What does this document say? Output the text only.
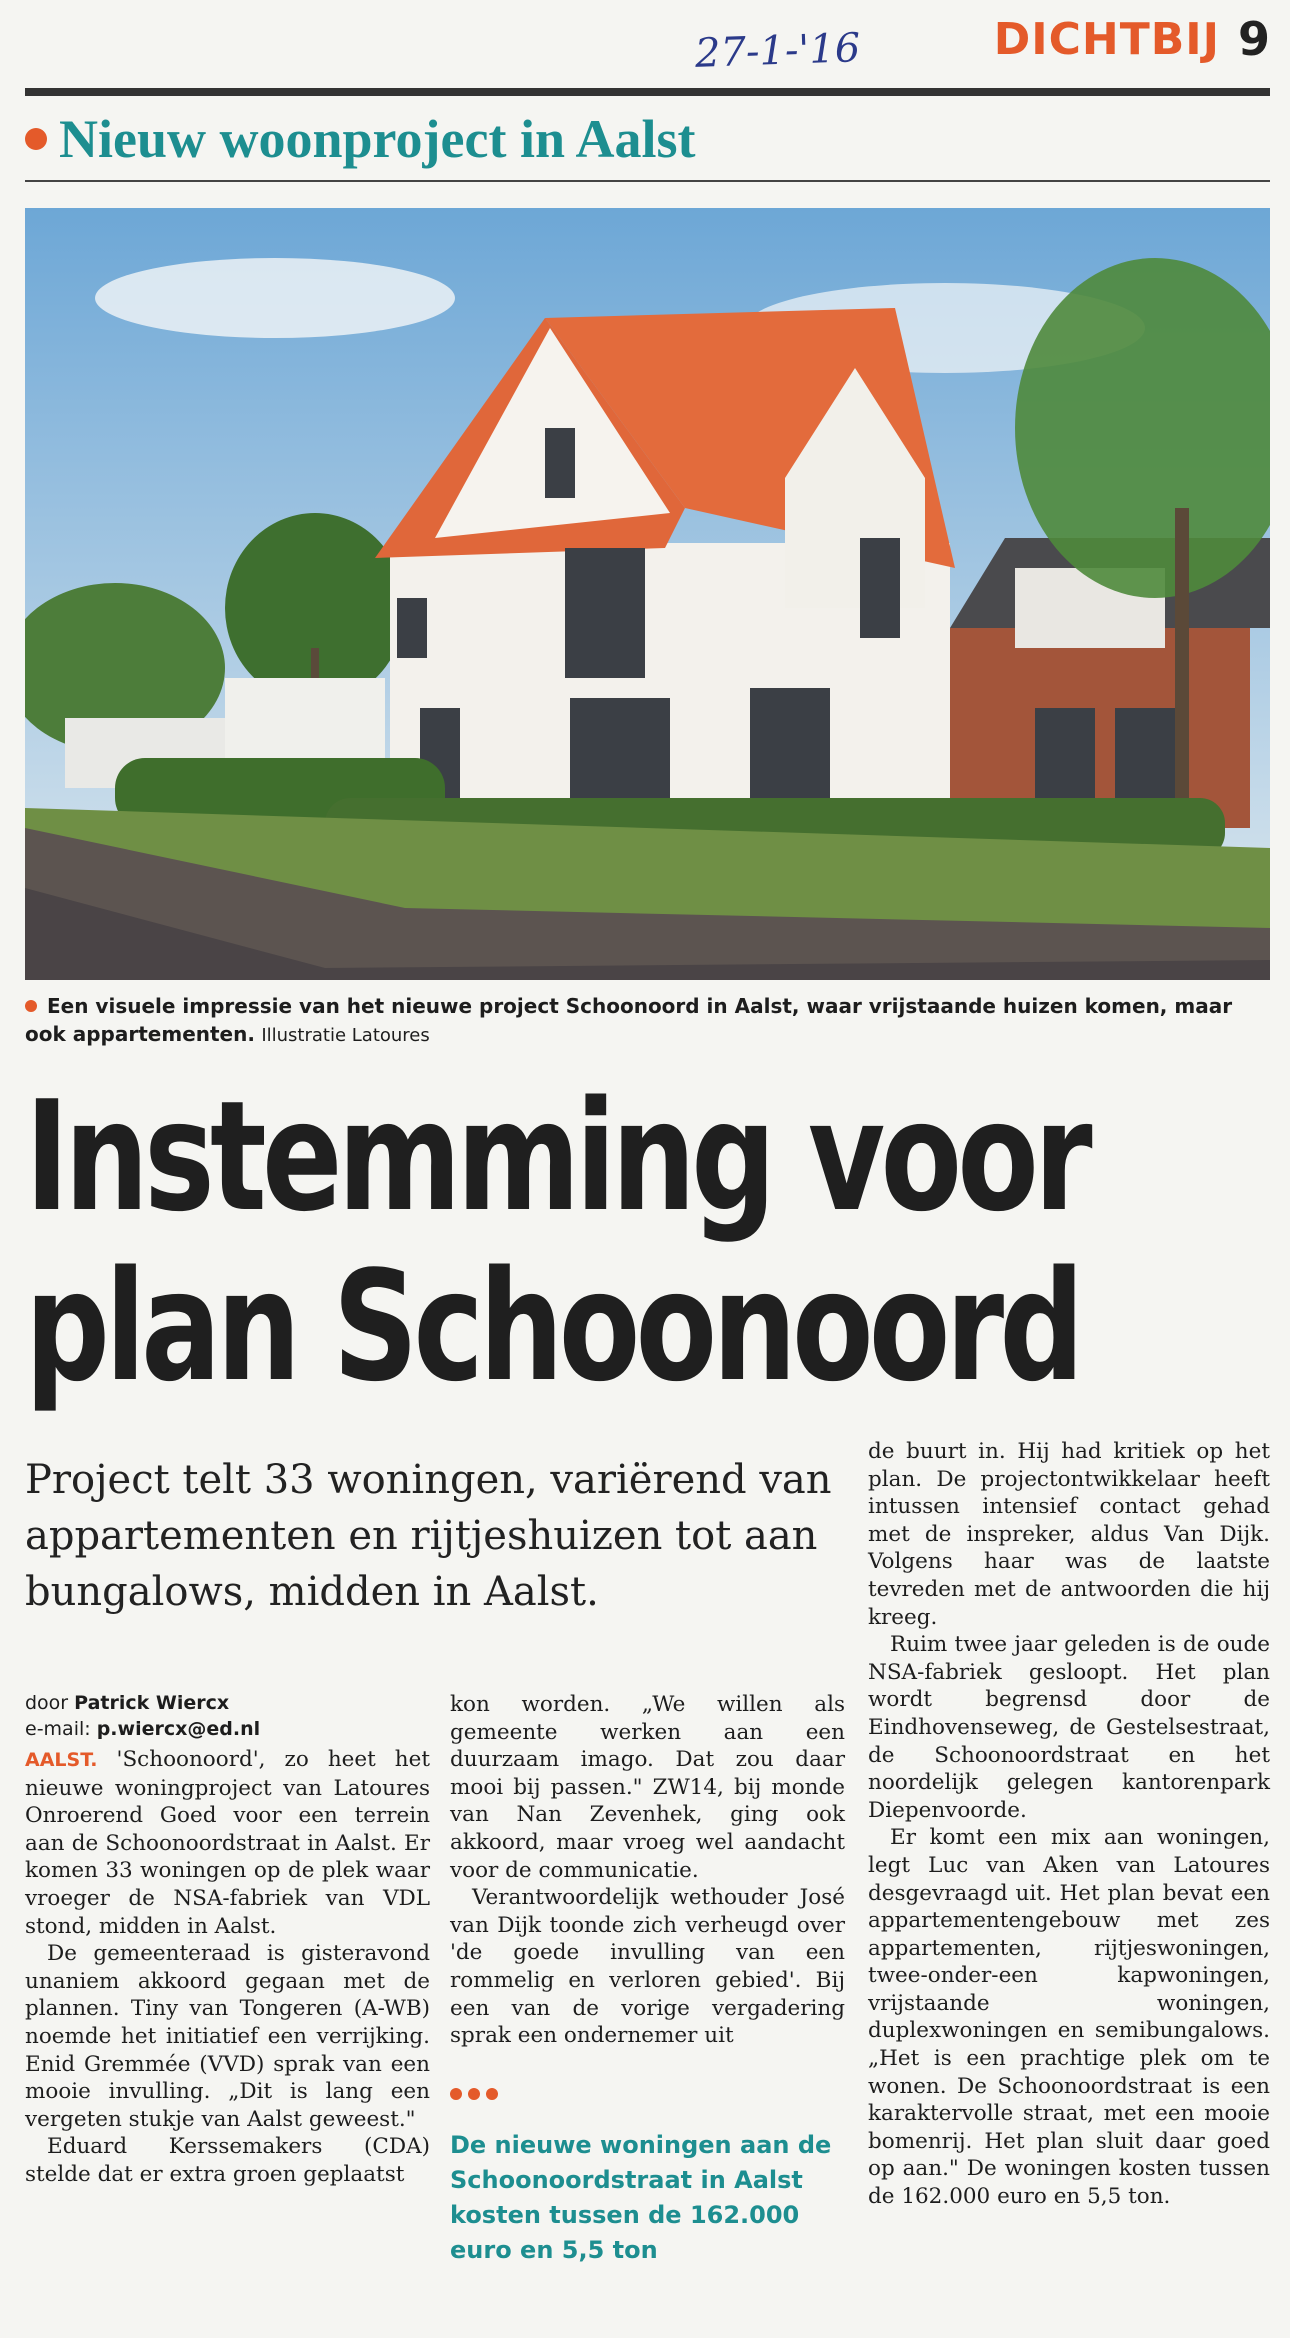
27-1-'16	DICHTBIJ 9
Nieuw woonproject in Aalst
Een visuele impressie van het nieuwe project Schoonoord in Aalst, waar vrijstaande huizen komen, maar ook appartementen. Illustratie Latoures
Instemming voor
plan Schoonoord
Project telt 33 woningen, variërend van appartementen en rijtjeshuizen tot aan bungalows, midden in Aalst.
door Patrick Wiercx
e-mail: p.wiercx@ed.nl

AALST. 'Schoonoord', zo heet het nieuwe woningproject van Latoures Onroerend Goed voor een terrein aan de Schoonoordstraat in Aalst. Er komen 33 woningen op de plek waar vroeger de NSA-fabriek van VDL stond, midden in Aalst.

De gemeenteraad is gisteravond unaniem akkoord gegaan met de plannen. Tiny van Tongeren (A-WB) noemde het initiatief een verrijking. Enid Gremmée (VVD) sprak van een mooie invulling. „Dit is lang een vergeten stukje van Aalst geweest."

Eduard Kerssemakers (CDA) stelde dat er extra groen geplaatst

kon worden. „We willen als gemeente werken aan een duurzaam imago. Dat zou daar mooi bij passen." ZW14, bij monde van Nan Zevenhek, ging ook akkoord, maar vroeg wel aandacht voor de communicatie.

Verantwoordelijk wethouder José van Dijk toonde zich verheugd over 'de goede invulling van een rommelig en verloren gebied'. Bij een van de vorige vergadering sprak een ondernemer uit

De nieuwe woningen aan de Schoonoordstraat in Aalst kosten tussen de 162.000 euro en 5,5 ton

de buurt in. Hij had kritiek op het plan. De projectontwikkelaar heeft intussen intensief contact gehad met de inspreker, aldus Van Dijk. Volgens haar was de laatste tevreden met de antwoorden die hij kreeg.

Ruim twee jaar geleden is de oude NSA-fabriek gesloopt. Het plan wordt begrensd door de Eindhovenseweg, de Gestelsestraat, de Schoonoordstraat en het noordelijk gelegen kantorenpark Diepenvoorde.

Er komt een mix aan woningen, legt Luc van Aken van Latoures desgevraagd uit. Het plan bevat een appartementengebouw met zes appartementen, rijtjeswoningen, twee-onder-een kapwoningen, vrijstaande woningen, duplexwoningen en semibungalows. „Het is een prachtige plek om te wonen. De Schoonoordstraat is een karaktervolle straat, met een mooie bomenrij. Het plan sluit daar goed op aan." De woningen kosten tussen de 162.000 euro en 5,5 ton.
